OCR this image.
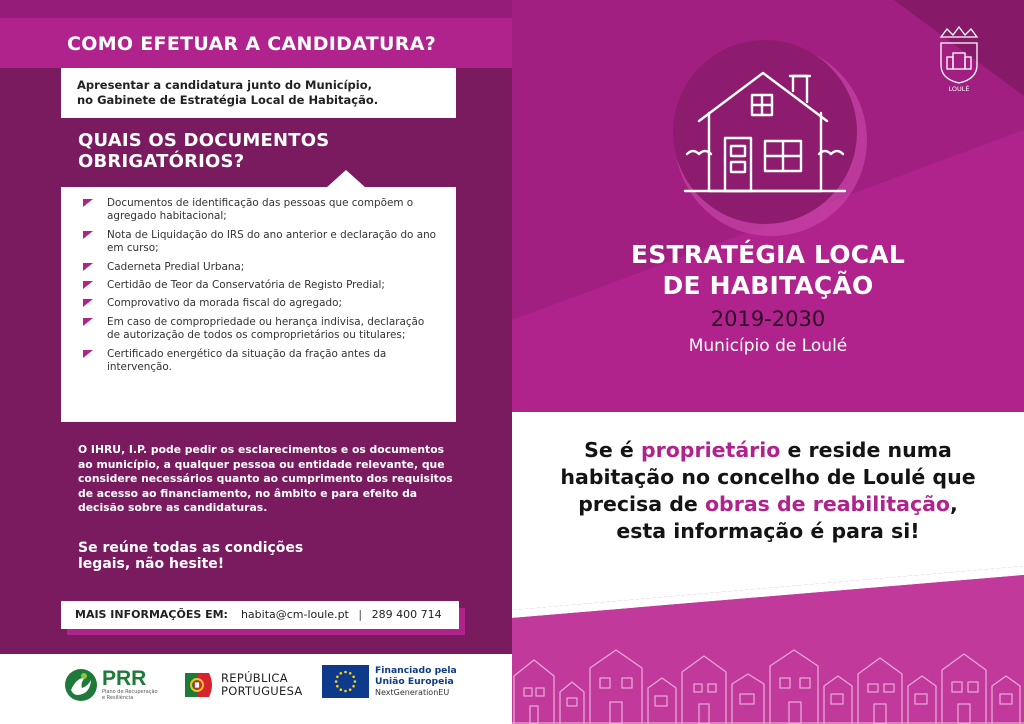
COMO EFETUAR A CANDIDATURA?
Apresentar a candidatura junto do Município,
no Gabinete de Estratégia Local de Habitação.
QUAIS OS DOCUMENTOS
OBRIGATÓRIOS?
Documentos de identificação das pessoas que compõem o agregado habitacional;
Nota de Liquidação do IRS do ano anterior e declaração do ano em curso;
Caderneta Predial Urbana;
Certidão de Teor da Conservatória de Registo Predial;
Comprovativo da morada fiscal do agregado;
Em caso de compropriedade ou herança indivisa, declaração de autorização de todos os comproprietários ou titulares;
Certificado energético da situação da fração antes da intervenção.
O IHRU, I.P. pode pedir os esclarecimentos e os documentos ao município, a qualquer pessoa ou entidade relevante, que considere necessários quanto ao cumprimento dos requisitos de acesso ao financiamento, no âmbito e para efeito da decisão sobre as candidaturas.
Se reúne todas as condições
legais, não hesite!
MAIS INFORMAÇÕES EM: habita@cm-loule.pt | 289 400 714
PRR
Plano de Recuperação
e Resiliência
REPÚBLICA
PORTUGUESA
Financiado pela
União Europeia
NextGenerationEU
LOULÉ
ESTRATÉGIA LOCAL
DE HABITAÇÃO
2019-2030
Município de Loulé
Se é proprietário e reside numa
habitação no concelho de Loulé que
precisa de obras de reabilitação,
esta informação é para si!
